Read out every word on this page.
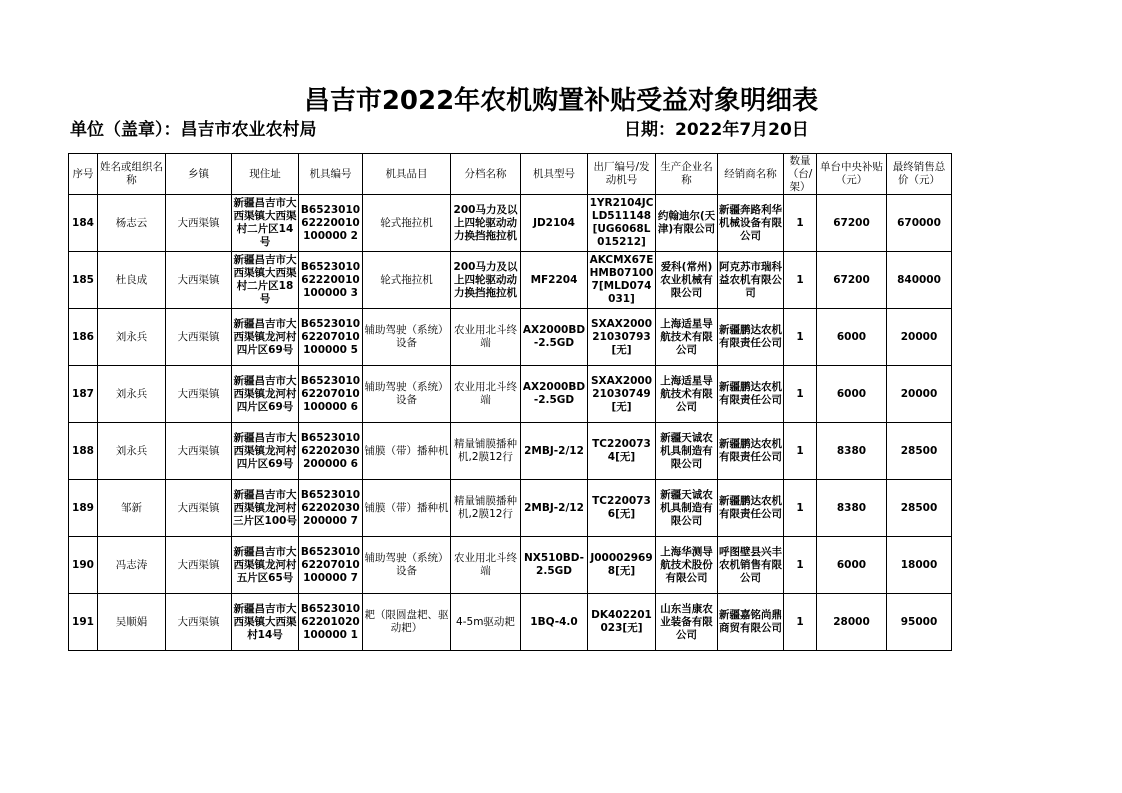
昌吉市2022年农机购置补贴受益对象明细表
单位（盖章）：昌吉市农业农村局	日期：2022年7月20日
序号	姓名或组织名称	乡镇	现住址	机具编号	机具品目	分档名称	机具型号	出厂编号/发动机号	生产企业名称	经销商名称	数量（台/架）	单台中央补贴（元）	最终销售总价（元）
184	杨志云	大西渠镇	新疆昌吉市大西渠镇大西渠村二片区14号	B652301062220010100000 2	轮式拖拉机	200马力及以上四轮驱动动力换挡拖拉机	JD2104	1YR2104JCLD511148[UG6068L015212]	约翰迪尔(天津)有限公司	新疆奔路利华机械设备有限公司	1	67200	670000
185	杜良成	大西渠镇	新疆昌吉市大西渠镇大西渠村二片区18号	B652301062220010100000 3	轮式拖拉机	200马力及以上四轮驱动动力换挡拖拉机	MF2204	AKCMX67EHMB071007[MLD074031]	爱科(常州)农业机械有限公司	阿克苏市瑞科益农机有限公司	1	67200	840000
186	刘永兵	大西渠镇	新疆昌吉市大西渠镇龙河村四片区69号	B652301062207010100000 5	辅助驾驶（系统）设备	农业用北斗终端	AX2000BD-2.5GD	SXAX200021030793[无]	上海适星导航技术有限公司	新疆鹏达农机有限责任公司	1	6000	20000
187	刘永兵	大西渠镇	新疆昌吉市大西渠镇龙河村四片区69号	B652301062207010100000 6	辅助驾驶（系统）设备	农业用北斗终端	AX2000BD-2.5GD	SXAX200021030749[无]	上海适星导航技术有限公司	新疆鹏达农机有限责任公司	1	6000	20000
188	刘永兵	大西渠镇	新疆昌吉市大西渠镇龙河村四片区69号	B652301062202030200000 6	铺膜（带）播种机	精量铺膜播种机,2膜12行	2MBJ-2/12	TC2200734[无]	新疆天诚农机具制造有限公司	新疆鹏达农机有限责任公司	1	8380	28500
189	邹新	大西渠镇	新疆昌吉市大西渠镇龙河村三片区100号	B652301062202030200000 7	铺膜（带）播种机	精量铺膜播种机,2膜12行	2MBJ-2/12	TC2200736[无]	新疆天诚农机具制造有限公司	新疆鹏达农机有限责任公司	1	8380	28500
190	冯志涛	大西渠镇	新疆昌吉市大西渠镇龙河村五片区65号	B652301062207010100000 7	辅助驾驶（系统）设备	农业用北斗终端	NX510BD-2.5GD	J000029698[无]	上海华测导航技术股份有限公司	呼图壁县兴丰农机销售有限公司	1	6000	18000
191	吴顺娟	大西渠镇	新疆昌吉市大西渠镇大西渠村14号	B652301062201020100000 1	耙（限圆盘耙、驱动耙）	4-5m驱动耙	1BQ-4.0	DK402201023[无]	山东当康农业装备有限公司	新疆嘉铭尚鼎商贸有限公司	1	28000	95000
